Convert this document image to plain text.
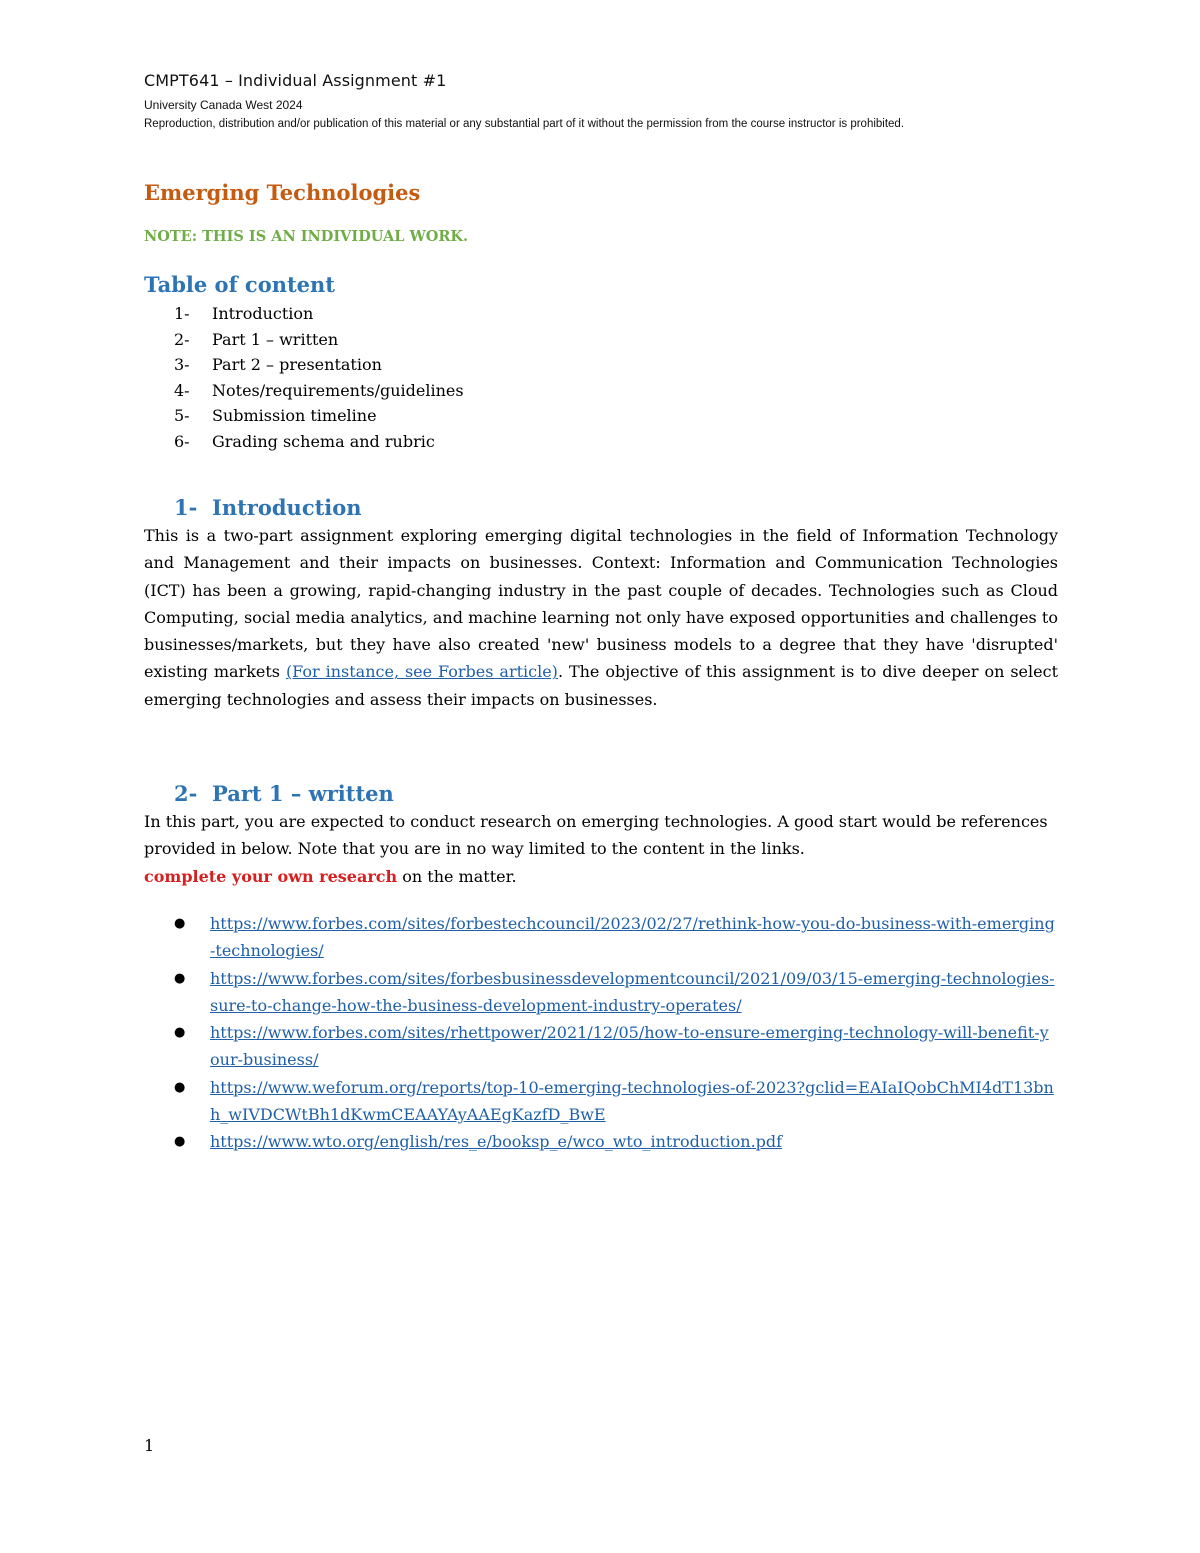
CMPT641 – Individual Assignment #1
University Canada West 2024
Reproduction, distribution and/or publication of this material or any substantial part of it without the permission from the course instructor is prohibited.
Emerging Technologies
NOTE: THIS IS AN INDIVIDUAL WORK.
Table of content
1-	Introduction
2-	Part 1 – written
3-	Part 2 – presentation
4-	Notes/requirements/guidelines
5-	Submission timeline
6-	Grading schema and rubric
1- Introduction

This is a two-part assignment exploring emerging digital technologies in the field of Information Technology and Management and their impacts on businesses. Context: Information and Communication Technologies (ICT) has been a growing, rapid-changing industry in the past couple of decades. Technologies such as Cloud Computing, social media analytics, and machine learning not only have exposed opportunities and challenges to businesses/markets, but they have also created 'new' business models to a degree that they have 'disrupted' existing markets (For instance, see Forbes article). The objective of this assignment is to dive deeper on select emerging technologies and assess their impacts on businesses.

2- Part 1 – written

In this part, you are expected to conduct research on emerging technologies. A good start would be references provided in below. Note that you are in no way limited to the content in the links.
complete your own research on the matter.

●	https://www.forbes.com/sites/forbestechcouncil/2023/02/27/rethink-how-you-do-business-with-emerging-technologies/
●	https://www.forbes.com/sites/forbesbusinessdevelopmentcouncil/2021/09/03/15-emerging-technologies-sure-to-change-how-the-business-development-industry-operates/
●	https://www.forbes.com/sites/rhettpower/2021/12/05/how-to-ensure-emerging-technology-will-benefit-your-business/
●	https://www.weforum.org/reports/top-10-emerging-technologies-of-2023?gclid=EAIaIQobChMI4dT13bnh_wIVDCWtBh1dKwmCEAAYAyAAEgKazfD_BwE
●	https://www.wto.org/english/res_e/booksp_e/wco_wto_introduction.pdf
1
